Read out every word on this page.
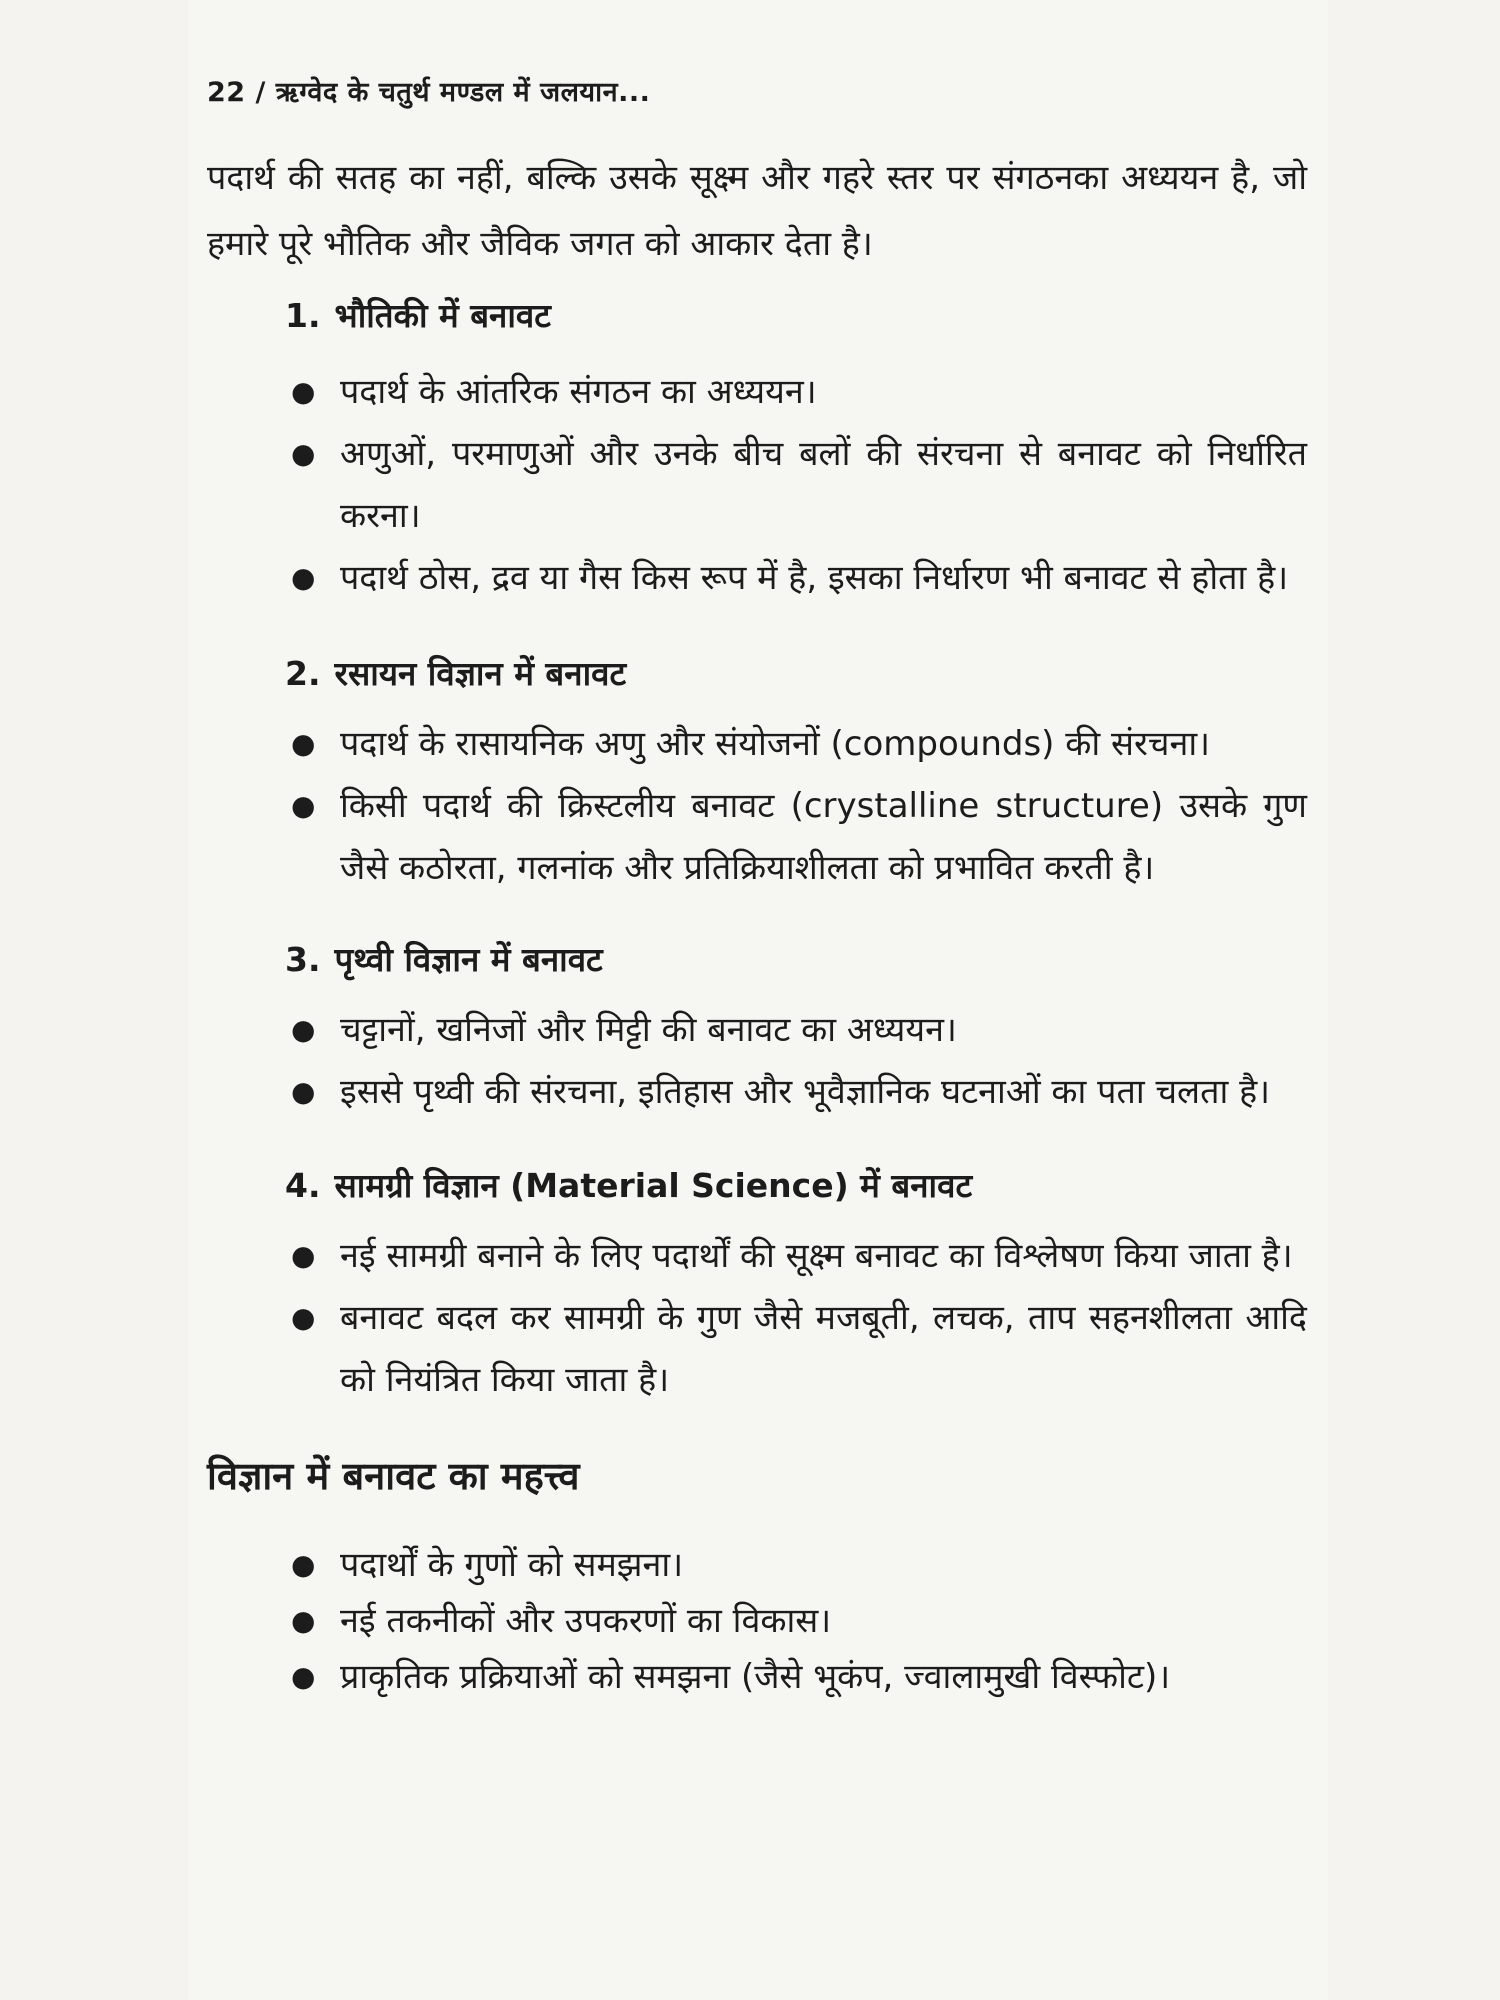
22 / ऋग्वेद के चतुर्थ मण्डल में जलयान...

पदार्थ की सतह का नहीं, बल्कि उसके सूक्ष्म और गहरे स्तर पर संगठनका अध्ययन है, जो हमारे पूरे भौतिक और जैविक जगत को आकार देता है।

1. भौतिकी में बनावट
● पदार्थ के आंतरिक संगठन का अध्ययन।
● अणुओं, परमाणुओं और उनके बीच बलों की संरचना से बनावट को निर्धारित करना।
● पदार्थ ठोस, द्रव या गैस किस रूप में है, इसका निर्धारण भी बनावट से होता है।
2. रसायन विज्ञान में बनावट
● पदार्थ के रासायनिक अणु और संयोजनों (compounds) की संरचना।
● किसी पदार्थ की क्रिस्टलीय बनावट (crystalline structure) उसके गुण जैसे कठोरता, गलनांक और प्रतिक्रियाशीलता को प्रभावित करती है।
3. पृथ्वी विज्ञान में बनावट
● चट्टानों, खनिजों और मिट्टी की बनावट का अध्ययन।
● इससे पृथ्वी की संरचना, इतिहास और भूवैज्ञानिक घटनाओं का पता चलता है।
4. सामग्री विज्ञान (Material Science) में बनावट
● नई सामग्री बनाने के लिए पदार्थों की सूक्ष्म बनावट का विश्लेषण किया जाता है।
● बनावट बदल कर सामग्री के गुण जैसे मजबूती, लचक, ताप सहनशीलता आदि को नियंत्रित किया जाता है।
विज्ञान में बनावट का महत्त्व
● पदार्थों के गुणों को समझना।
● नई तकनीकों और उपकरणों का विकास।
● प्राकृतिक प्रक्रियाओं को समझना (जैसे भूकंप, ज्वालामुखी विस्फोट)।
